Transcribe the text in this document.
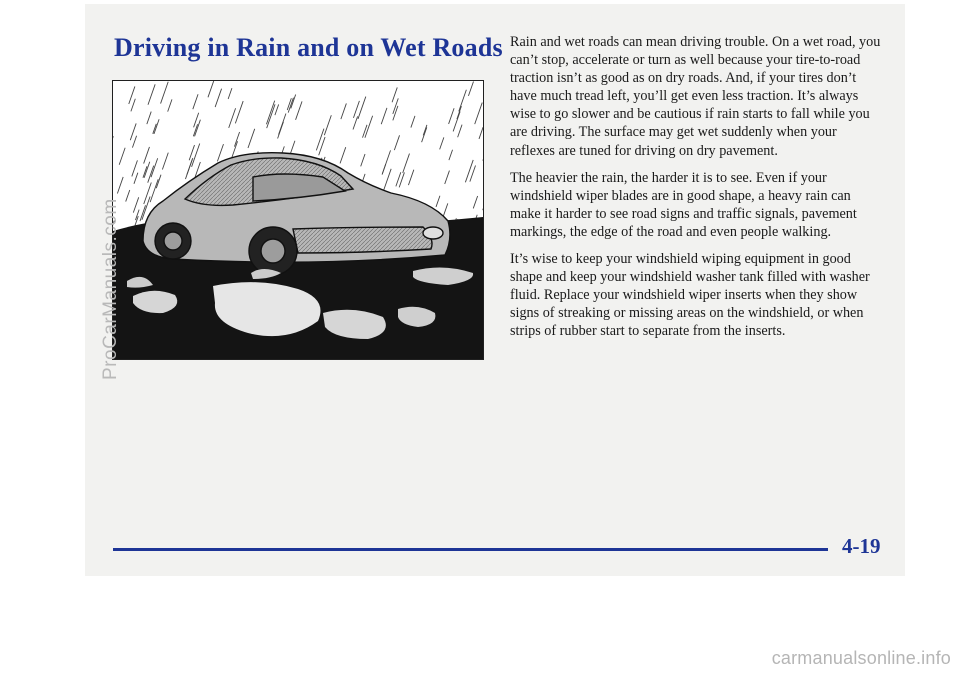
Driving in Rain and on Wet Roads
ProCarManuals.com

Rain and wet roads can mean driving trouble. On a wet road, you can’t stop, accelerate or turn as well because your tire-to-road traction isn’t as good as on dry roads. And, if your tires don’t have much tread left, you’ll get even less traction. It’s always wise to go slower and be cautious if rain starts to fall while you are driving. The surface may get wet suddenly when your reflexes are tuned for driving on dry pavement.

The heavier the rain, the harder it is to see. Even if your windshield wiper blades are in good shape, a heavy rain can make it harder to see road signs and traffic signals, pavement markings, the edge of the road and even people walking.

It’s wise to keep your windshield wiping equipment in good shape and keep your windshield washer tank filled with washer fluid. Replace your windshield wiper inserts when they show signs of streaking or missing areas on the windshield, or when strips of rubber start to separate from the inserts.

4-19
carmanualsonline.info
